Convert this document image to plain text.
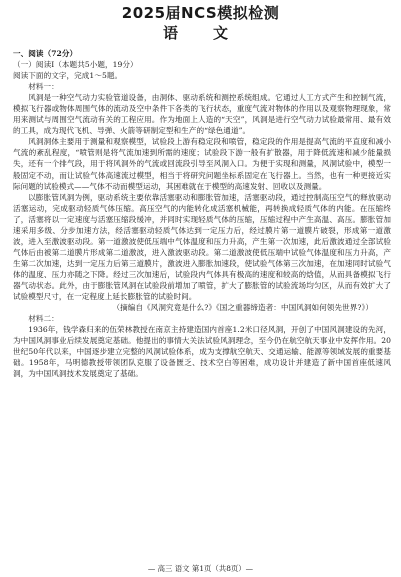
2025届NCS模拟检测
语　文

一、阅读（72分）

（一）阅读Ⅰ（本题共5小题，19分）

阅读下面的文字，完成1～5题。

材料一：

风洞是一种空气动力实验管道设备，由洞体、驱动系统和测控系统组成。它通过人工方式产生和控制气流，模拟飞行器或物体周围气体的流动及空中条件下各类的飞行状态，重度气流对物体的作用以及观察物理现象，常用来测试与周围空气流动有关的工程应用。作为地面上人造的“天空”，风洞是进行空气动力试验最常用、最有效的工具，成为现代飞机、导弹、火箭等研制定型和生产的“绿色通道”。

风洞洞体主要用于测量和观察模型，试验段上游有稳定段和喷管，稳定段的作用是提高气流的平直度和减小气流的紊乱程度，“喷管则是将气流加速到所需的速度；试验段下游一般有扩散器，用于降低流速和减少能量损失，还有一个排气段，用于将风洞外的气流或回流段引导至风洞入口。为便于实现和测量，风洞试验中，模型一般固定不动，而让试验气体高速流过模型，相当于将研究问题坐标系固定在飞行器上。当然，也有一种更接近实际问题的试验模式——气体不动而模型运动，其困难就在于模型的高速发射、回收以及测量。

以膨胀管风洞为例，驱动系统主要依靠活塞驱动和膨胀管加速，活塞驱动段，通过控制高压空气的释放驱动活塞运动，完成驱动轻质气体压缩。高压空气的内能转化成活塞机械能，再转换成轻质气体的内能。在压缩终了，活塞将以一定速度与活塞压缩段缓冲，并同时实现轻质气体的压缩，压缩过程中产生高温、高压。膨胀管加速采用多级、分步加速方法，经活塞驱动轻质气体达到一定压力后，经过膜片第一道膜片破裂，形成第一道激波，进入至激波驱动段。第一道激波使低压端中气体温度和压力升高，产生第一次加速，此后激波通过全部试验气体后由被第二道膜片形成第二道激波，进入激波驱动段。第二道激波使低压端中试验气体温度和压力升高，产生第二次加速，达到一定压力后第三道膜片，激波进入膨胀加速段，使试验气体第三次加速，在加速同时试验气体的温度、压力亦随之下降。经过三次加速后，试验段内气体具有极高的速度和较高的焓值，从而具备模拟飞行器气动状态。此外，由于膨胀管风洞在试验段前增加了喷管，扩大了膨胀管的试验流场均匀区，从而有效扩大了试验模型尺寸，在一定程度上延长膨胀管的试验时间。

（摘编自《风洞究竟是什么?》《国之重器缔造者：中国风洞如何领先世界?》）

材料二：

1936年，钱学森归来的伍荣林教授在南京主持建造国内首座1.2米口径风洞，开创了中国风洞建设的先河，为中国风洞事业后续发展奠定基础。他提出的事情大关法试验风洞理念，至今仍在航空航天事业中发挥作用。20世纪50年代以来，中国逐步建立完整的风洞试验体系，成为支撑航空航天、交通运输、能源等领域发展的重要基础。1958年，马明德教授带领团队克服了设备匮乏、技术空白等困难，成功设计并建造了新中国首座低速风洞，为中国风洞技术发展奠定了基础。

— 高三 语文 第1页（共8页）—
